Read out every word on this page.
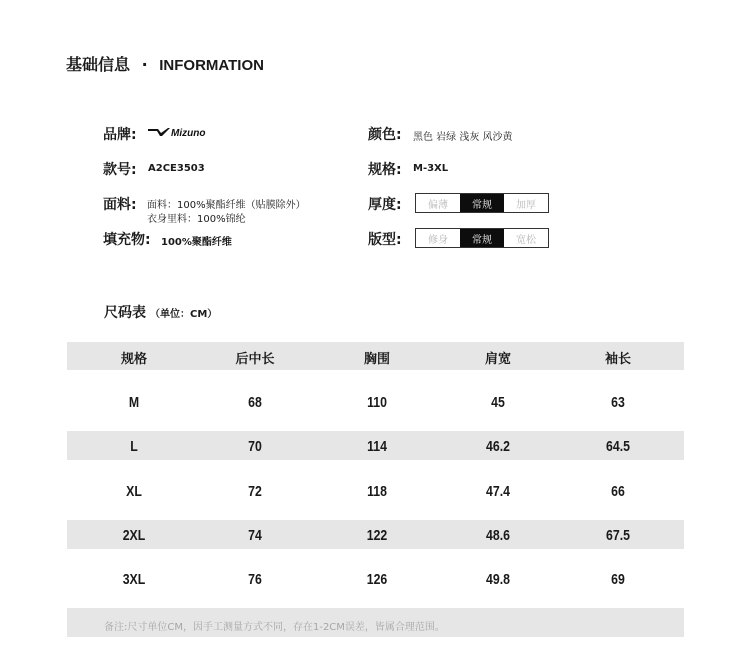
基础信息 · INFORMATION
品牌:	Mizuno
款号: A2CE3503
面料: 面料：100%聚酯纤维（贴膜除外）
衣身里料：100%锦纶
填充物: 100%聚酯纤维
颜色: 黑色 岩绿 浅灰 风沙黄
规格: M-3XL
厚度:	偏薄	常规	加厚
版型:	修身	常规	宽松
尺码表 （单位：CM）
规格	后中长	胸围	肩宽	袖长
M	68	110	45	63
L	70	114	46.2	64.5
XL	72	118	47.4	66
2XL	74	122	48.6	67.5
3XL	76	126	49.8	69
备注:尺寸单位CM，因手工测量方式不同，存在1-2CM误差，皆属合理范围。
